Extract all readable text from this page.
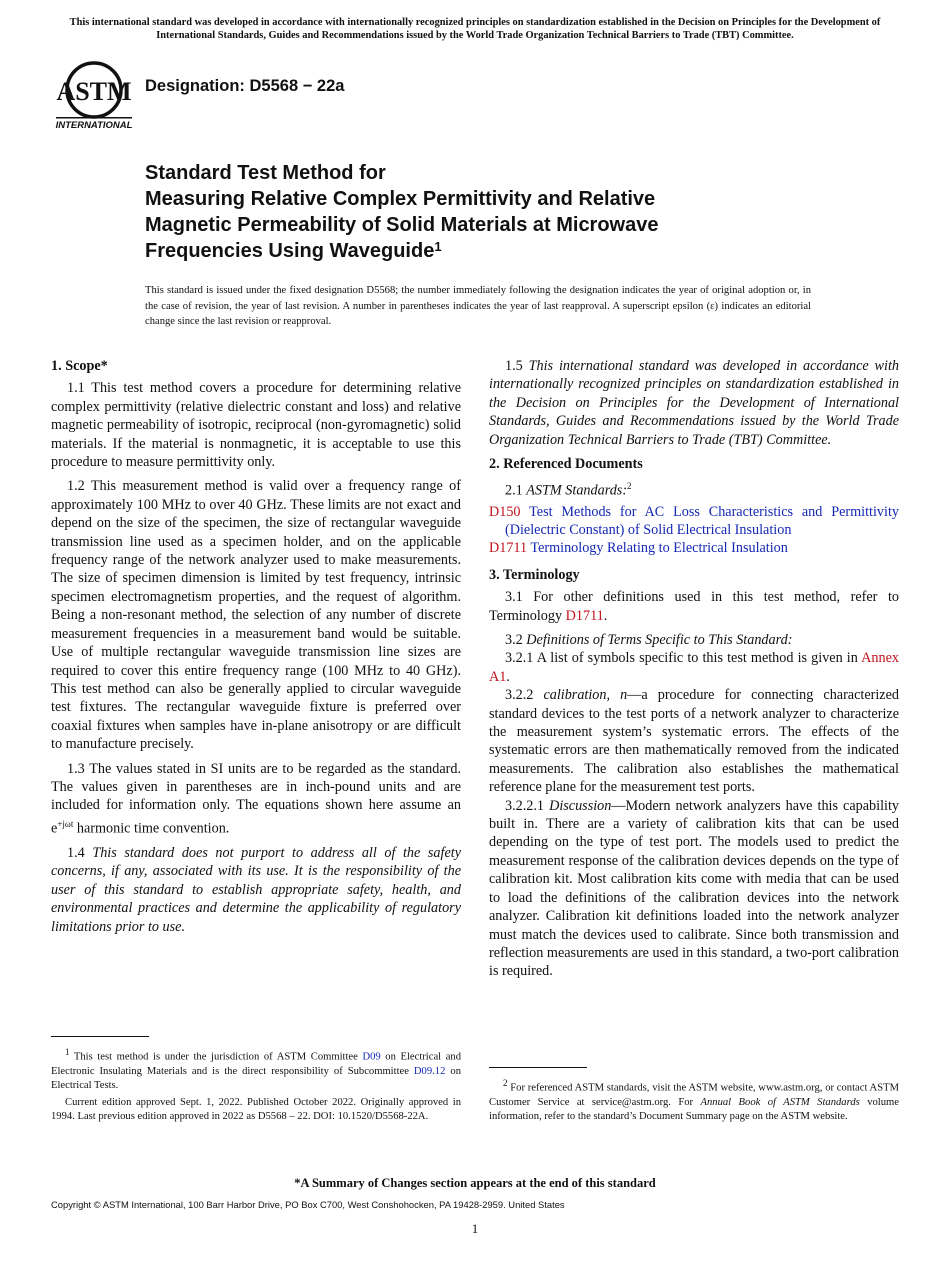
This international standard was developed in accordance with internationally recognized principles on standardization established in the Decision on Principles for the Development of International Standards, Guides and Recommendations issued by the World Trade Organization Technical Barriers to Trade (TBT) Committee.
ASTM
INTERNATIONAL
Designation: D5568 − 22a
Standard Test Method for
Measuring Relative Complex Permittivity and Relative
Magnetic Permeability of Solid Materials at Microwave
Frequencies Using Waveguide$^1$
This standard is issued under the fixed designation D5568; the number immediately following the designation indicates the year of original adoption or, in the case of revision, the year of last revision. A number in parentheses indicates the year of last reapproval. A superscript epsilon (ε) indicates an editorial change since the last revision or reapproval.
1. Scope*

1.1 This test method covers a procedure for determining relative complex permittivity (relative dielectric constant and loss) and relative magnetic permeability of isotropic, reciprocal (non-gyromagnetic) solid materials. If the material is nonmagnetic, it is acceptable to use this procedure to measure permittivity only.

1.2 This measurement method is valid over a frequency range of approximately 100 MHz to over 40 GHz. These limits are not exact and depend on the size of the specimen, the size of rectangular waveguide transmission line used as a specimen holder, and on the applicable frequency range of the network analyzer used to make measurements. The size of specimen dimension is limited by test frequency, intrinsic specimen electromagnetism properties, and the request of algorithm. Being a non-resonant method, the selection of any number of discrete measurement frequencies in a measurement band would be suitable. Use of multiple rectangular waveguide transmission line sizes are required to cover this entire frequency range (100 MHz to 40 GHz). This test method can also be generally applied to circular waveguide test fixtures. The rectangular waveguide fixture is preferred over coaxial fixtures when samples have in-plane anisotropy or are difficult to manufacture precisely.

1.3 The values stated in SI units are to be regarded as the standard. The values given in parentheses are in inch-pound units and are included for information only. The equations shown here assume an $e^{+j\omega t}$ harmonic time convention.

1.4 This standard does not purport to address all of the safety concerns, if any, associated with its use. It is the responsibility of the user of this standard to establish appropriate safety, health, and environmental practices and determine the applicability of regulatory limitations prior to use.

$^1$ This test method is under the jurisdiction of ASTM Committee D09 on Electrical and Electronic Insulating Materials and is the direct responsibility of Subcommittee D09.12 on Electrical Tests.

Current edition approved Sept. 1, 2022. Published October 2022. Originally approved in 1994. Last previous edition approved in 2022 as D5568 – 22. DOI: 10.1520/D5568-22A.

1.5 This international standard was developed in accordance with internationally recognized principles on standardization established in the Decision on Principles for the Development of International Standards, Guides and Recommendations issued by the World Trade Organization Technical Barriers to Trade (TBT) Committee.

2. Referenced Documents

2.1 ASTM Standards:$^2$

D150 Test Methods for AC Loss Characteristics and Permittivity (Dielectric Constant) of Solid Electrical Insulation
D1711 Terminology Relating to Electrical Insulation
3. Terminology

3.1 For other definitions used in this test method, refer to Terminology D1711.

3.2 Definitions of Terms Specific to This Standard:

3.2.1 A list of symbols specific to this test method is given in Annex A1.

3.2.2 calibration, n—a procedure for connecting characterized standard devices to the test ports of a network analyzer to characterize the measurement system’s systematic errors. The effects of the systematic errors are then mathematically removed from the indicated measurements. The calibration also establishes the mathematical reference plane for the measurement test ports.

3.2.2.1 Discussion—Modern network analyzers have this capability built in. There are a variety of calibration kits that can be used depending on the type of test port. The models used to predict the measurement response of the calibration devices depends on the type of calibration kit. Most calibration kits come with media that can be used to load the definitions of the calibration devices into the network analyzer. Calibration kit definitions loaded into the network analyzer must match the devices used to calibrate. Since both transmission and reflection measurements are used in this standard, a two-port calibration is required.

$^2$ For referenced ASTM standards, visit the ASTM website, www.astm.org, or contact ASTM Customer Service at service@astm.org. For Annual Book of ASTM Standards volume information, refer to the standard’s Document Summary page on the ASTM website.

*A Summary of Changes section appears at the end of this standard
Copyright © ASTM International, 100 Barr Harbor Drive, PO Box C700, West Conshohocken, PA 19428-2959. United States
1
